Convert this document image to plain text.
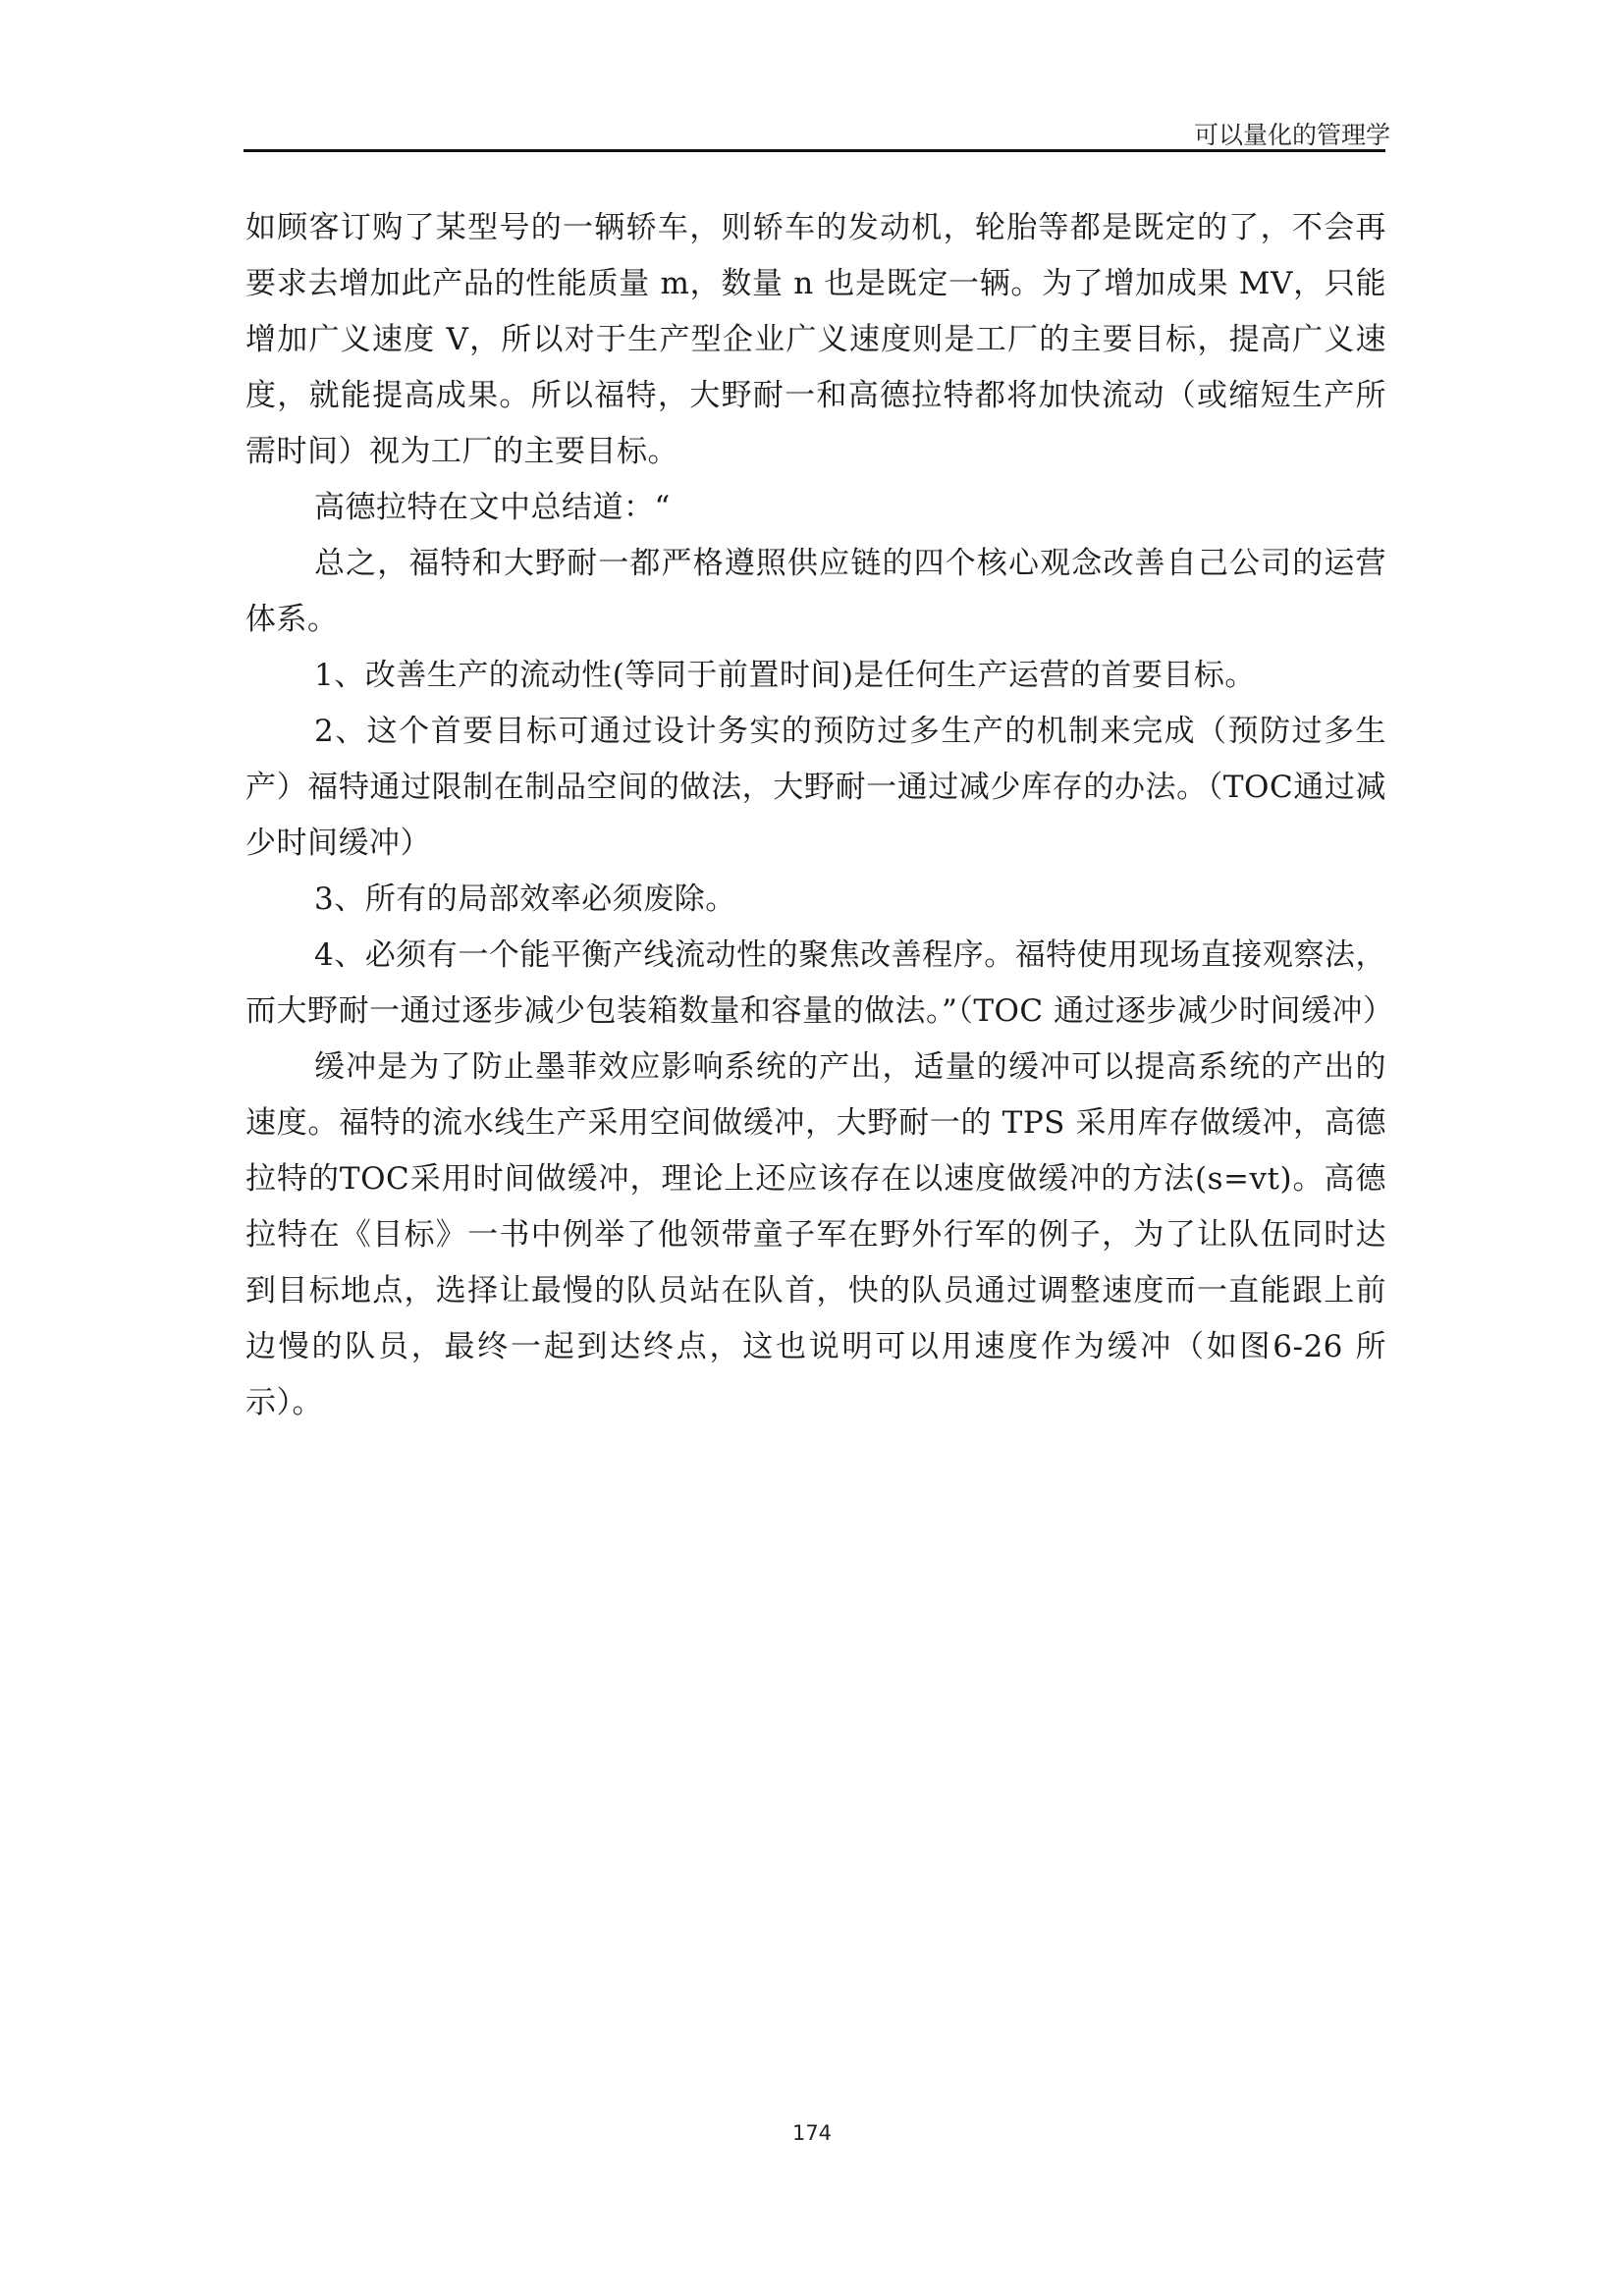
可以量化的管理学

如顾客订购了某型号的一辆轿车，则轿车的发动机，轮胎等都是既定的了，不会再要求去增加此产品的性能质量 m，数量 n 也是既定一辆。为了增加成果 MV，只能增加广义速度 V，所以对于生产型企业广义速度则是工厂的主要目标，提高广义速度，就能提高成果。所以福特，大野耐一和高德拉特都将加快流动（或缩短生产所需时间）视为工厂的主要目标。

高德拉特在文中总结道：“

总之，福特和大野耐一都严格遵照供应链的四个核心观念改善自己公司的运营体系。

1、改善生产的流动性(等同于前置时间)是任何生产运营的首要目标。

2、这个首要目标可通过设计务实的预防过多生产的机制来完成（预防过多生产）福特通过限制在制品空间的做法，大野耐一通过减少库存的办法。（TOC通过减少时间缓冲）

3、所有的局部效率必须废除。

4、必须有一个能平衡产线流动性的聚焦改善程序。福特使用现场直接观察法，而大野耐一通过逐步减少包装箱数量和容量的做法。”（TOC 通过逐步减少时间缓冲）

缓冲是为了防止墨菲效应影响系统的产出，适量的缓冲可以提高系统的产出的速度。福特的流水线生产采用空间做缓冲，大野耐一的 TPS 采用库存做缓冲，高德拉特的TOC采用时间做缓冲，理论上还应该存在以速度做缓冲的方法(s=vt)。高德拉特在《目标》一书中例举了他领带童子军在野外行军的例子，为了让队伍同时达到目标地点，选择让最慢的队员站在队首，快的队员通过调整速度而一直能跟上前边慢的队员，最终一起到达终点，这也说明可以用速度作为缓冲（如图6-26 所示）。

174
